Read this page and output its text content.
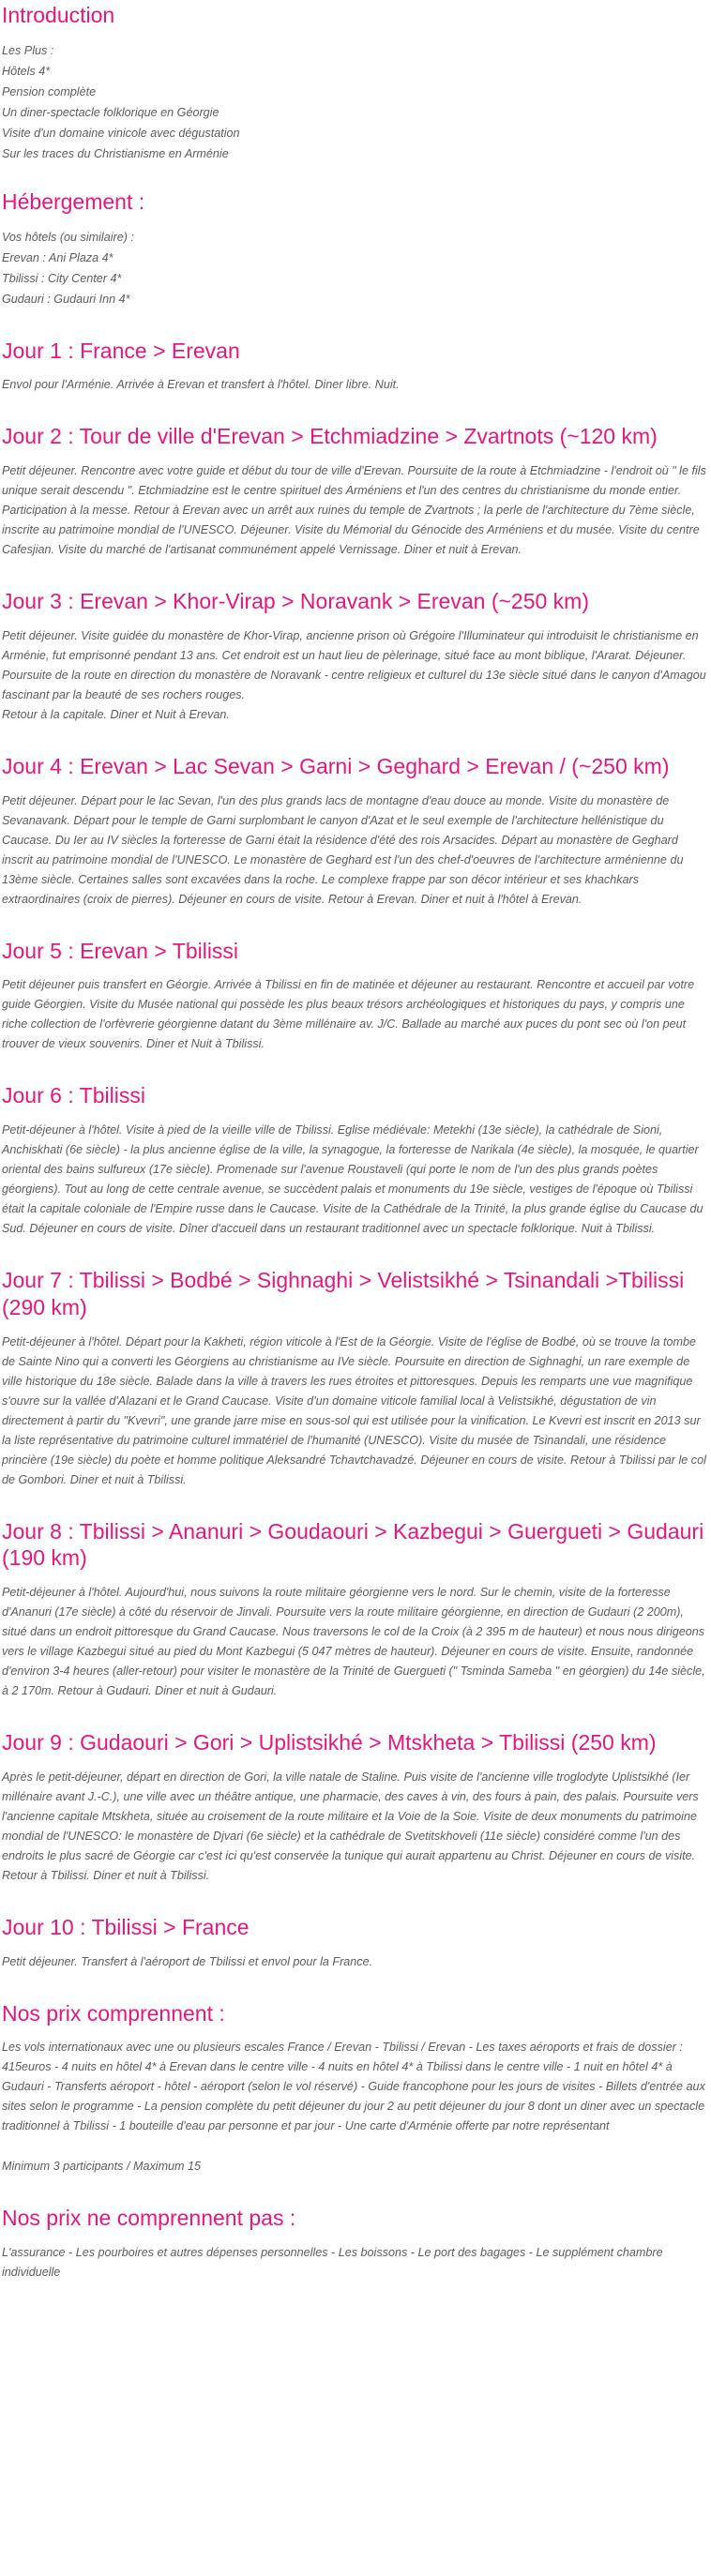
Introduction
Les Plus :
Hôtels 4*
Pension complète
Un diner-spectacle folklorique en Géorgie
Visite d'un domaine vinicole avec dégustation
Sur les traces du Christianisme en Arménie
Hébergement :
Vos hôtels (ou similaire) :
Erevan : Ani Plaza 4*
Tbilissi : City Center 4*
Gudauri : Gudauri Inn 4*
Jour 1 : France > Erevan

Envol pour l'Arménie. Arrivée à Erevan et transfert à l'hôtel. Diner libre. Nuit.

Jour 2 : Tour de ville d'Erevan > Etchmiadzine > Zvartnots (~120 km)

Petit déjeuner. Rencontre avec votre guide et début du tour de ville d'Erevan. Poursuite de la route à Etchmiadzine - l'endroit où " le fils unique serait descendu ". Etchmiadzine est le centre spirituel des Arméniens et l'un des centres du christianisme du monde entier. Participation à la messe. Retour à Erevan avec un arrêt aux ruines du temple de Zvartnots ; la perle de l'architecture du 7ème siècle, inscrite au patrimoine mondial de l'UNESCO. Déjeuner. Visite du Mémorial du Génocide des Arméniens et du musée. Visite du centre Cafesjian. Visite du marché de l'artisanat communément appelé Vernissage. Diner et nuit à Erevan.

Jour 3 : Erevan > Khor-Virap > Noravank > Erevan (~250 km)

Petit déjeuner. Visite guidée du monastère de Khor-Virap, ancienne prison où Grégoire l'Illuminateur qui introduisit le christianisme en Arménie, fut emprisonné pendant 13 ans. Cet endroit est un haut lieu de pèlerinage, situé face au mont biblique, l'Ararat. Déjeuner. Poursuite de la route en direction du monastère de Noravank - centre religieux et culturel du 13e siècle situé dans le canyon d'Amagou fascinant par la beauté de ses rochers rouges.

Retour à la capitale. Diner et Nuit à Erevan.

Jour 4 : Erevan > Lac Sevan > Garni > Geghard > Erevan / (~250 km)

Petit déjeuner. Départ pour le lac Sevan, l'un des plus grands lacs de montagne d'eau douce au monde. Visite du monastère de Sevanavank. Départ pour le temple de Garni surplombant le canyon d'Azat et le seul exemple de l'architecture hellénistique du Caucase. Du Ier au IV siècles la forteresse de Garni était la résidence d'été des rois Arsacides. Départ au monastère de Geghard inscrit au patrimoine mondial de l'UNESCO. Le monastère de Geghard est l'un des chef-d'oeuvres de l'architecture arménienne du 13ème siècle. Certaines salles sont excavées dans la roche. Le complexe frappe par son décor intérieur et ses khachkars extraordinaires (croix de pierres). Déjeuner en cours de visite. Retour à Erevan. Diner et nuit à l'hôtel à Erevan.

Jour 5 : Erevan > Tbilissi

Petit déjeuner puis transfert en Géorgie. Arrivée à Tbilissi en fin de matinée et déjeuner au restaurant. Rencontre et accueil par votre guide Géorgien. Visite du Musée national qui possède les plus beaux trésors archéologiques et historiques du pays, y compris une riche collection de l'orfèvrerie géorgienne datant du 3ème millénaire av. J/C. Ballade au marché aux puces du pont sec où l'on peut trouver de vieux souvenirs. Diner et Nuit à Tbilissi.

Jour 6 : Tbilissi

Petit-déjeuner à l'hôtel. Visite à pied de la vieille ville de Tbilissi. Eglise médiévale: Metekhi (13e siècle), la cathédrale de Sioni, Anchiskhati (6e siècle) - la plus ancienne église de la ville, la synagogue, la forteresse de Narikala (4e siècle), la mosquée, le quartier oriental des bains sulfureux (17e siècle). Promenade sur l'avenue Roustaveli (qui porte le nom de l'un des plus grands poètes géorgiens). Tout au long de cette centrale avenue, se succèdent palais et monuments du 19e siècle, vestiges de l'époque où Tbilissi était la capitale coloniale de l'Empire russe dans le Caucase. Visite de la Cathédrale de la Trinité, la plus grande église du Caucase du Sud. Déjeuner en cours de visite. Dîner d'accueil dans un restaurant traditionnel avec un spectacle folklorique. Nuit à Tbilissi.

Jour 7 : Tbilissi > Bodbé > Sighnaghi > Velistsikhé > Tsinandali >Tbilissi (290 km)

Petit-déjeuner à l'hôtel. Départ pour la Kakheti, région viticole à l'Est de la Géorgie. Visite de l'église de Bodbé, où se trouve la tombe de Sainte Nino qui a converti les Géorgiens au christianisme au IVe siècle. Poursuite en direction de Sighnaghi, un rare exemple de ville historique du 18e siècle. Balade dans la ville à travers les rues étroites et pittoresques. Depuis les remparts une vue magnifique s'ouvre sur la vallée d'Alazani et le Grand Caucase. Visite d'un domaine viticole familial local à Velistsikhé, dégustation de vin directement à partir du "Kvevri", une grande jarre mise en sous-sol qui est utilisée pour la vinification. Le Kvevri est inscrit en 2013 sur la liste représentative du patrimoine culturel immatériel de l'humanité (UNESCO). Visite du musée de Tsinandali, une résidence princière (19e siècle) du poète et homme politique Aleksandré Tchavtchavadzé. Déjeuner en cours de visite. Retour à Tbilissi par le col de Gombori. Diner et nuit à Tbilissi.

Jour 8 : Tbilissi > Ananuri > Goudaouri > Kazbegui > Guergueti > Gudauri (190 km)

Petit-déjeuner à l'hôtel. Aujourd'hui, nous suivons la route militaire géorgienne vers le nord. Sur le chemin, visite de la forteresse d'Ananuri (17e siècle) à côté du réservoir de Jinvali. Poursuite vers la route militaire géorgienne, en direction de Gudauri (2 200m), situé dans un endroit pittoresque du Grand Caucase. Nous traversons le col de la Croix (à 2 395 m de hauteur) et nous nous dirigeons vers le village Kazbegui situé au pied du Mont Kazbegui (5 047 mètres de hauteur). Déjeuner en cours de visite. Ensuite, randonnée d'environ 3-4 heures (aller-retour) pour visiter le monastère de la Trinité de Guergueti (" Tsminda Sameba " en géorgien) du 14e siècle, à 2 170m. Retour à Gudauri. Diner et nuit à Gudauri.

Jour 9 : Gudaouri > Gori > Uplistsikhé > Mtskheta > Tbilissi (250 km)

Après le petit-déjeuner, départ en direction de Gori, la ville natale de Staline. Puis visite de l'ancienne ville troglodyte Uplistsikhé (Ier millénaire avant J.-C.), une ville avec un théâtre antique, une pharmacie, des caves à vin, des fours à pain, des palais. Poursuite vers l'ancienne capitale Mtskheta, située au croisement de la route militaire et la Voie de la Soie. Visite de deux monuments du patrimoine mondial de l'UNESCO: le monastère de Djvari (6e siècle) et la cathédrale de Svetitskhoveli (11e siècle) considéré comme l'un des endroits le plus sacré de Géorgie car c'est ici qu'est conservée la tunique qui aurait appartenu au Christ. Déjeuner en cours de visite. Retour à Tbilissi. Diner et nuit à Tbilissi.

Jour 10 : Tbilissi > France

Petit déjeuner. Transfert à l'aéroport de Tbilissi et envol pour la France.

Nos prix comprennent :

Les vols internationaux avec une ou plusieurs escales France / Erevan - Tbilissi / Erevan - Les taxes aéroports et frais de dossier : 415euros - 4 nuits en hôtel 4* à Erevan dans le centre ville - 4 nuits en hôtel 4* à Tbilissi dans le centre ville - 1 nuit en hôtel 4* à Gudauri - Transferts aéroport - hôtel - aéroport (selon le vol réservé) - Guide francophone pour les jours de visites - Billets d'entrée aux sites selon le programme - La pension complète du petit déjeuner du jour 2 au petit déjeuner du jour 8 dont un diner avec un spectacle traditionnel à Tbilissi - 1 bouteille d'eau par personne et par jour - Une carte d'Arménie offerte par notre représentant

Minimum 3 participants / Maximum 15

Nos prix ne comprennent pas :

L'assurance - Les pourboires et autres dépenses personnelles - Les boissons - Le port des bagages - Le supplément chambre individuelle
